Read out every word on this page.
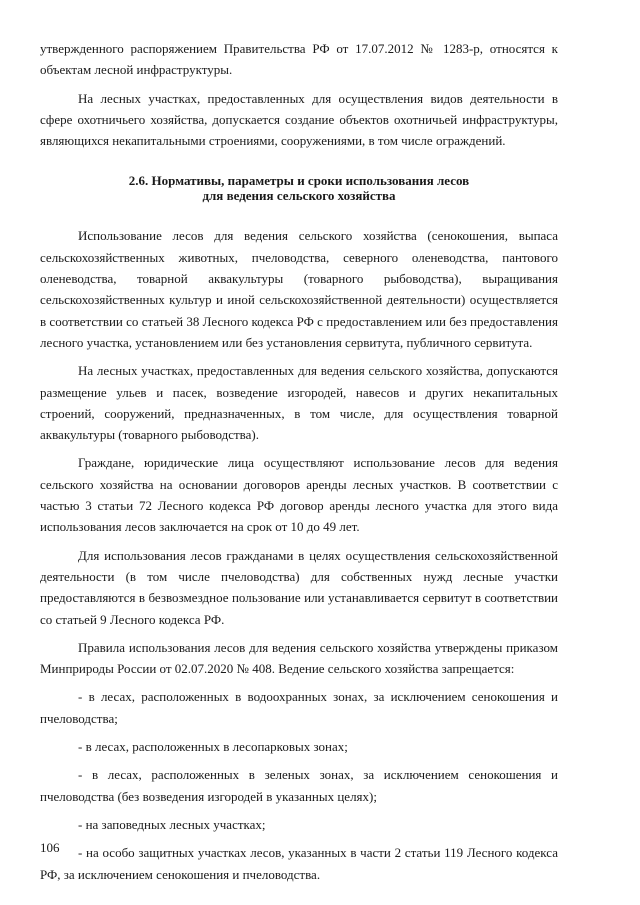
утвержденного распоряжением Правительства РФ от 17.07.2012 № 1283-р, относятся к объектам лесной инфраструктуры.

На лесных участках, предоставленных для осуществления видов деятельности в сфере охотничьего хозяйства, допускается создание объектов охотничьей инфраструктуры, являющихся некапитальными строениями, сооружениями, в том числе ограждений.

2.6. Нормативы, параметры и сроки использования лесов
для ведения сельского хозяйства

Использование лесов для ведения сельского хозяйства (сенокошения, выпаса сельскохозяйственных животных, пчеловодства, северного оленеводства, пантового оленеводства, товарной аквакультуры (товарного рыбоводства), выращивания сельскохозяйственных культур и иной сельскохозяйственной деятельности) осуществляется в соответствии со статьей 38 Лесного кодекса РФ с предоставлением или без предоставления лесного участка, установлением или без установления сервитута, публичного сервитута.

На лесных участках, предоставленных для ведения сельского хозяйства, допускаются размещение ульев и пасек, возведение изгородей, навесов и других некапитальных строений, сооружений, предназначенных, в том числе, для осуществления товарной аквакультуры (товарного рыбоводства).

Граждане, юридические лица осуществляют использование лесов для ведения сельского хозяйства на основании договоров аренды лесных участков. В соответствии с частью 3 статьи 72 Лесного кодекса РФ договор аренды лесного участка для этого вида использования лесов заключается на срок от 10 до 49 лет.

Для использования лесов гражданами в целях осуществления сельскохозяйственной деятельности (в том числе пчеловодства) для собственных нужд лесные участки предоставляются в безвозмездное пользование или устанавливается сервитут в соответствии со статьей 9 Лесного кодекса РФ.

Правила использования лесов для ведения сельского хозяйства утверждены приказом Минприроды России от 02.07.2020 № 408. Ведение сельского хозяйства запрещается:

- в лесах, расположенных в водоохранных зонах, за исключением сенокошения и пчеловодства;

- в лесах, расположенных в лесопарковых зонах;

- в лесах, расположенных в зеленых зонах, за исключением сенокошения и пчеловодства (без возведения изгородей в указанных целях);

- на заповедных лесных участках;

- на особо защитных участках лесов, указанных в части 2 статьи 119 Лесного кодекса РФ, за исключением сенокошения и пчеловодства.

106
